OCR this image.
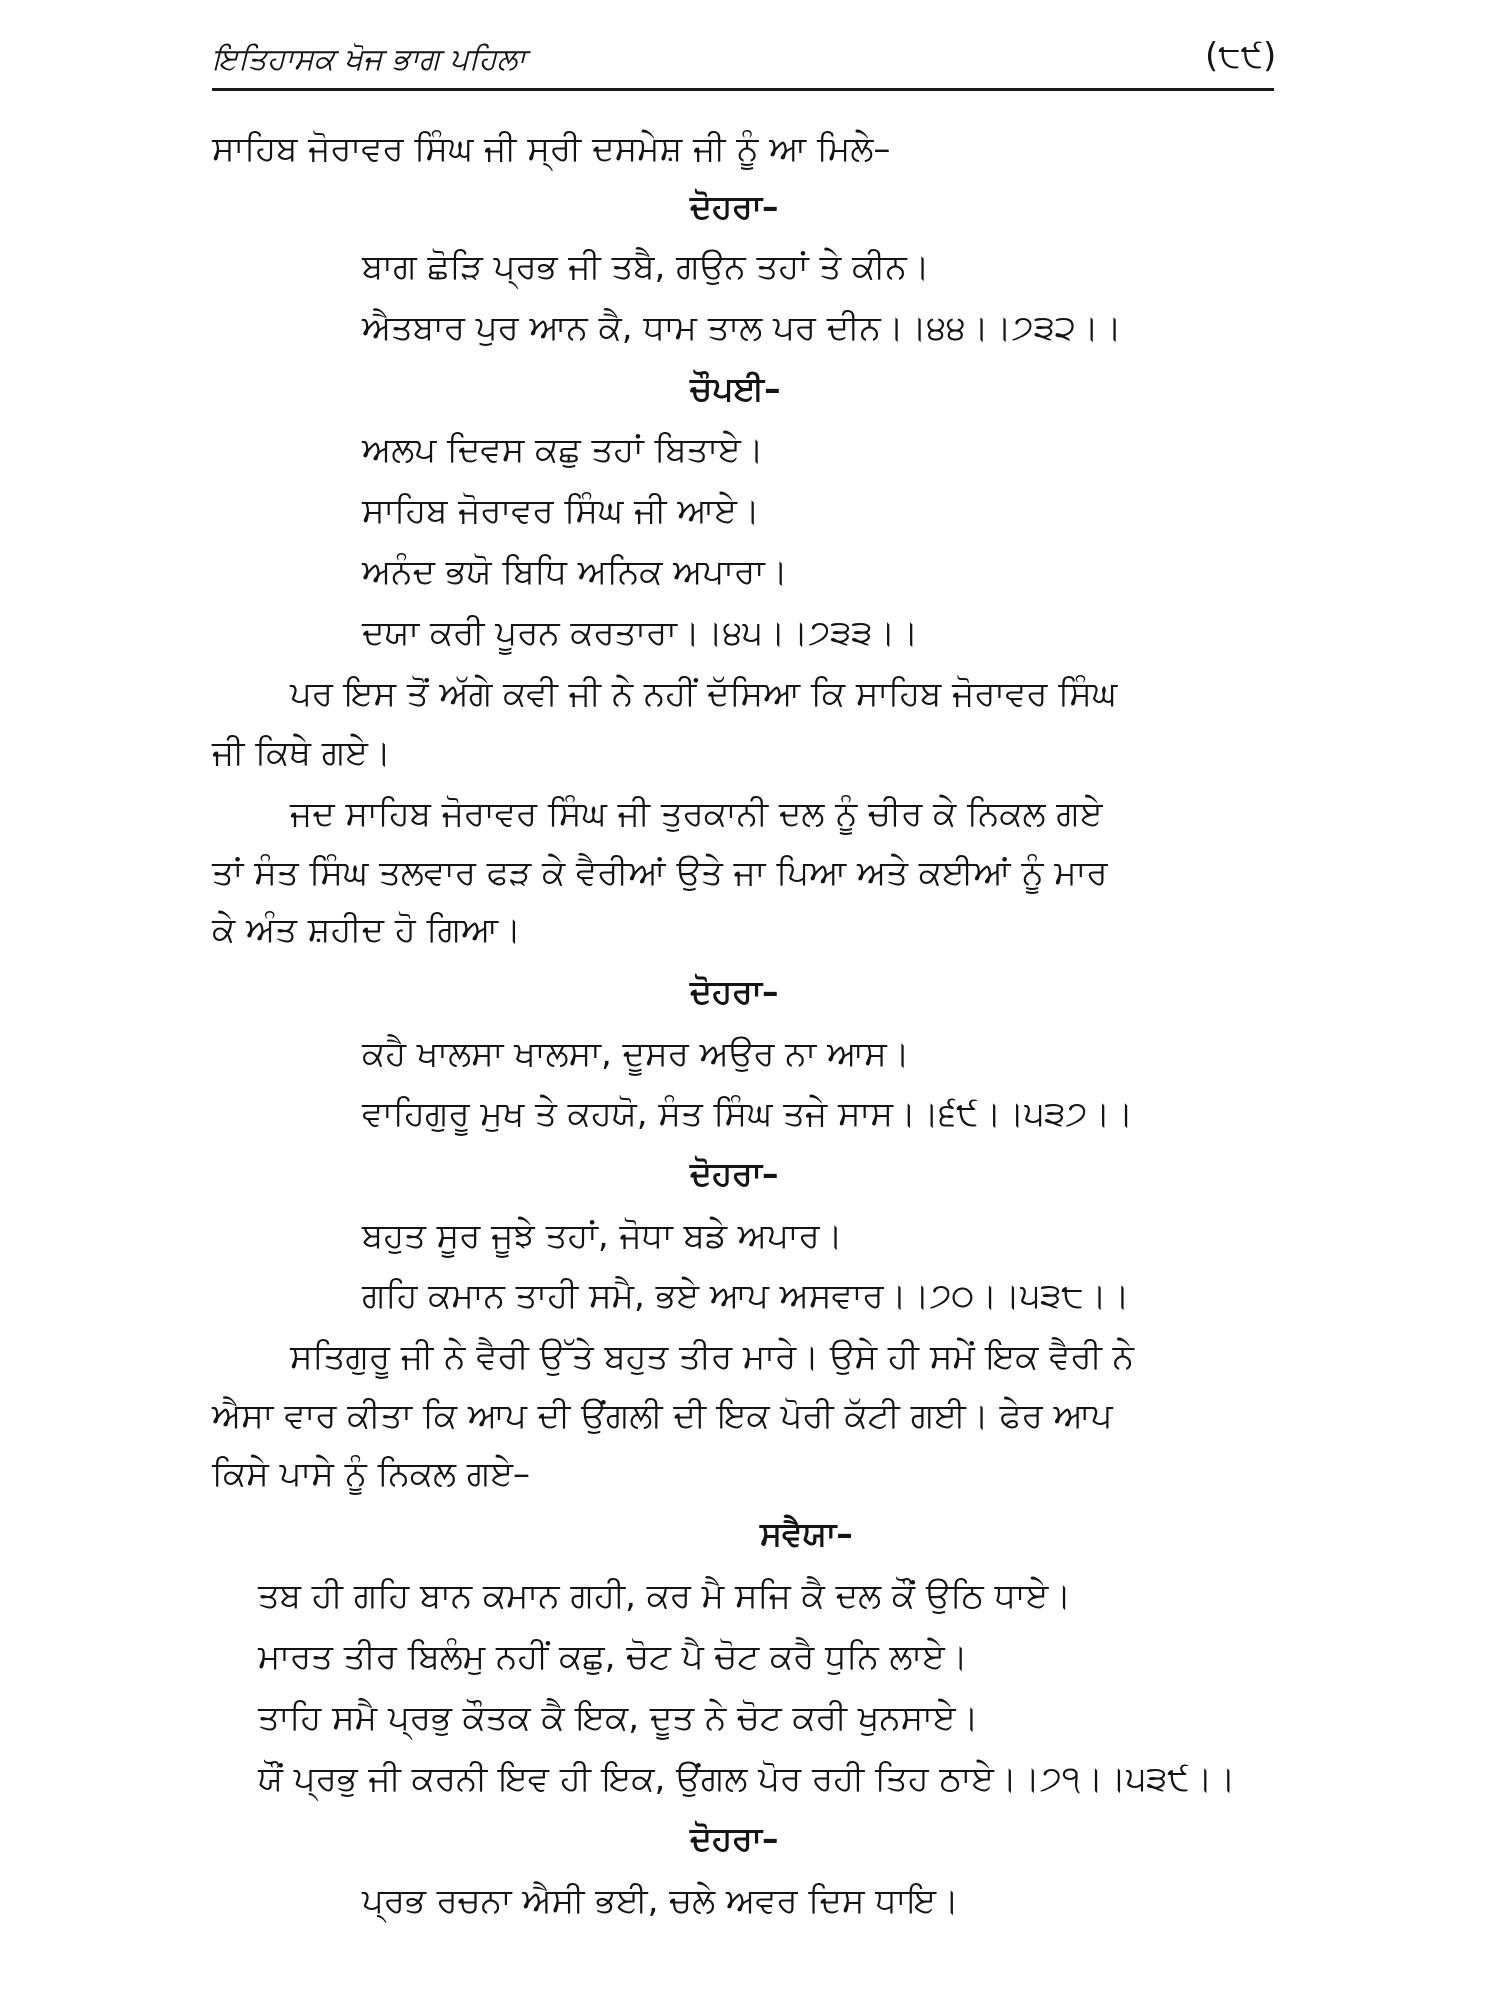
ਇਤਿਹਾਸਕ ਖੋਜ ਭਾਗ ਪਹਿਲਾ	(੮੯)
ਸਾਹਿਬ ਜੋਰਾਵਰ ਸਿੰਘ ਜੀ ਸ੍ਰੀ ਦਸਮੇਸ਼ ਜੀ ਨੂੰ ਆ ਮਿਲੇ–
ਦੋਹਰਾ–
ਬਾਗ ਛੋੜਿ ਪ੍ਰਭ ਜੀ ਤਬੈ, ਗਉਨ ਤਹਾਂ ਤੇ ਕੀਨ।
ਐਤਬਾਰ ਪੁਰ ਆਨ ਕੈ, ਧਾਮ ਤਾਲ ਪਰ ਦੀਨ।।੪੪।।੭੩੨।।
ਚੌਪਈ–
ਅਲਪ ਦਿਵਸ ਕਛੁ ਤਹਾਂ ਬਿਤਾਏ।
ਸਾਹਿਬ ਜੋਰਾਵਰ ਸਿੰਘ ਜੀ ਆਏ।
ਅਨੰਦ ਭਯੋ ਬਿਧਿ ਅਨਿਕ ਅਪਾਰਾ।
ਦਯਾ ਕਰੀ ਪੂਰਨ ਕਰਤਾਰਾ।।੪੫।।੭੩੩।।
ਪਰ ਇਸ ਤੋਂ ਅੱਗੇ ਕਵੀ ਜੀ ਨੇ ਨਹੀਂ ਦੱਸਿਆ ਕਿ ਸਾਹਿਬ ਜੋਰਾਵਰ ਸਿੰਘ
ਜੀ ਕਿਥੇ ਗਏ।
ਜਦ ਸਾਹਿਬ ਜੋਰਾਵਰ ਸਿੰਘ ਜੀ ਤੁਰਕਾਨੀ ਦਲ ਨੂੰ ਚੀਰ ਕੇ ਨਿਕਲ ਗਏ
ਤਾਂ ਸੰਤ ਸਿੰਘ ਤਲਵਾਰ ਫੜ ਕੇ ਵੈਰੀਆਂ ਉਤੇ ਜਾ ਪਿਆ ਅਤੇ ਕਈਆਂ ਨੂੰ ਮਾਰ
ਕੇ ਅੰਤ ਸ਼ਹੀਦ ਹੋ ਗਿਆ।
ਦੋਹਰਾ–
ਕਹੈ ਖਾਲਸਾ ਖਾਲਸਾ, ਦੂਸਰ ਅਉਰ ਨਾ ਆਸ।
ਵਾਹਿਗੁਰੂ ਮੁਖ ਤੇ ਕਹਯੋ, ਸੰਤ ਸਿੰਘ ਤਜੇ ਸਾਸ।।੬੯।।੫੩੭।।
ਦੋਹਰਾ–
ਬਹੁਤ ਸੂਰ ਜੂਝੇ ਤਹਾਂ, ਜੋਧਾ ਬਡੇ ਅਪਾਰ।
ਗਹਿ ਕਮਾਨ ਤਾਹੀ ਸਮੈ, ਭਏ ਆਪ ਅਸਵਾਰ।।੭੦।।੫੩੮।।
ਸਤਿਗੁਰੂ ਜੀ ਨੇ ਵੈਰੀ ਉੱਤੇ ਬਹੁਤ ਤੀਰ ਮਾਰੇ। ਉਸੇ ਹੀ ਸਮੇਂ ਇਕ ਵੈਰੀ ਨੇ
ਐਸਾ ਵਾਰ ਕੀਤਾ ਕਿ ਆਪ ਦੀ ਉਂਗਲੀ ਦੀ ਇਕ ਪੋਰੀ ਕੱਟੀ ਗਈ। ਫੇਰ ਆਪ
ਕਿਸੇ ਪਾਸੇ ਨੂੰ ਨਿਕਲ ਗਏ–
ਸਵੈਯਾ–
ਤਬ ਹੀ ਗਹਿ ਬਾਨ ਕਮਾਨ ਗਹੀ, ਕਰ ਮੈ ਸਜਿ ਕੈ ਦਲ ਕੌਂ ਉਠਿ ਧਾਏ।
ਮਾਰਤ ਤੀਰ ਬਿਲੰਮੁ ਨਹੀਂ ਕਛੁ, ਚੋਟ ਪੈ ਚੋਟ ਕਰੈ ਧੁਨਿ ਲਾਏ।
ਤਾਹਿ ਸਮੈ ਪ੍ਰਭੁ ਕੌਤਕ ਕੈ ਇਕ, ਦੂਤ ਨੇ ਚੋਟ ਕਰੀ ਖੁਨਸਾਏ।
ਯੌਂ ਪ੍ਰਭੁ ਜੀ ਕਰਨੀ ਇਵ ਹੀ ਇਕ, ਉਂਗਲ ਪੋਰ ਰਹੀ ਤਿਹ ਠਾਏ।।੭੧।।੫੩੯।।
ਦੋਹਰਾ–
ਪ੍ਰਭ ਰਚਨਾ ਐਸੀ ਭਈ, ਚਲੇ ਅਵਰ ਦਿਸ ਧਾਇ।
